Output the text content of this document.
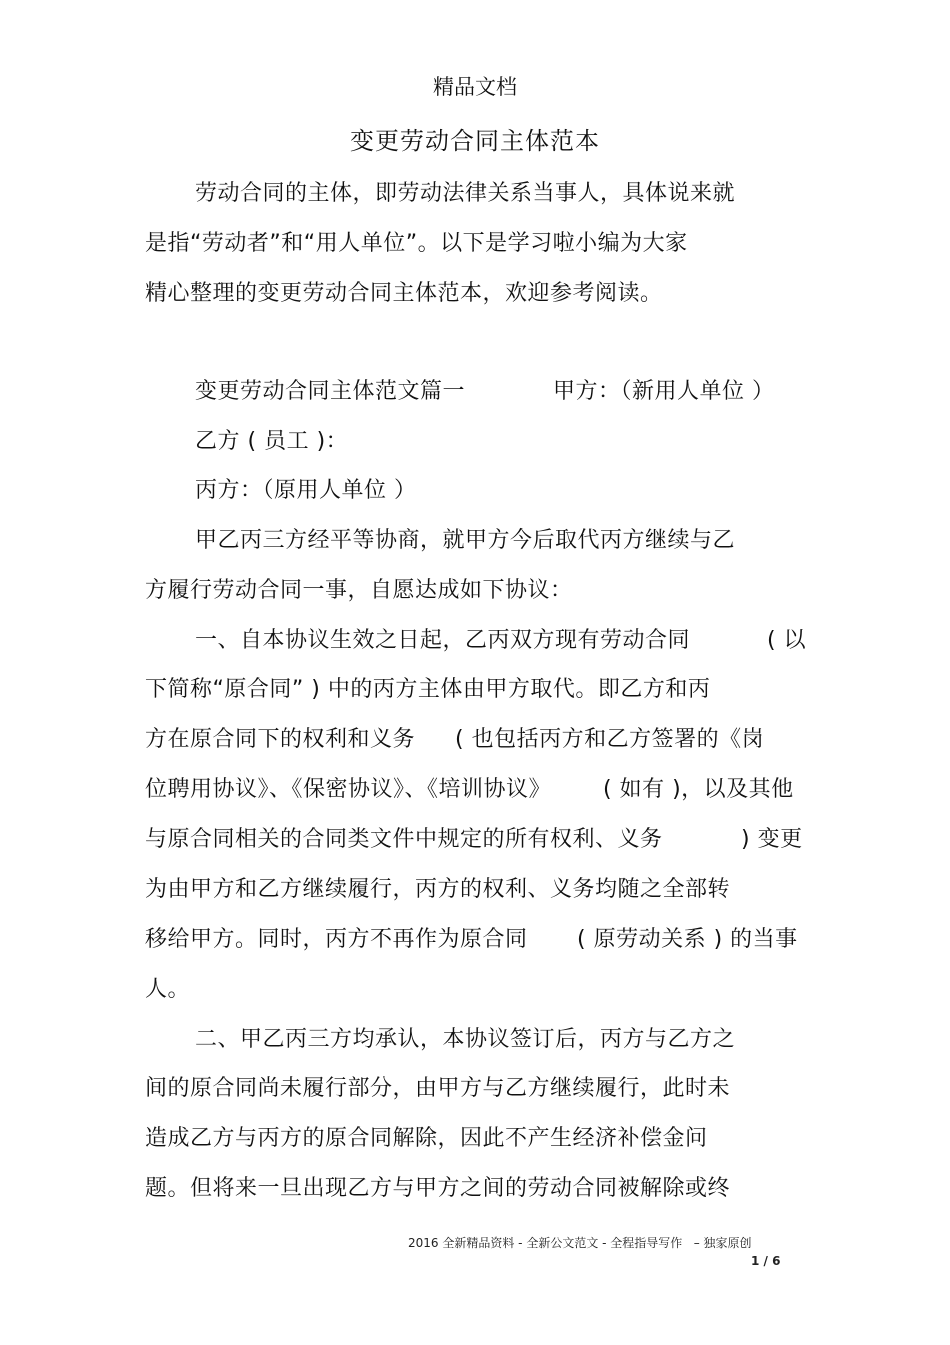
精品文档
变更劳动合同主体范本
劳动合同的主体，即劳动法律关系当事人，具体说来就
是指“劳动者”和“用人单位”。以下是学习啦小编为大家
精心整理的变更劳动合同主体范本，欢迎参考阅读。
变更劳动合同主体范文篇一	甲方：（新用人单位 ）
乙方 ( 员工 )：
丙方：（原用人单位 ）
甲乙丙三方经平等协商，就甲方今后取代丙方继续与乙
方履行劳动合同一事，自愿达成如下协议：
一、自本协议生效之日起，乙丙双方现有劳动合同	( 以
下简称“原合同” ) 中的丙方主体由甲方取代。即乙方和丙
方在原合同下的权利和义务 ( 也包括丙方和乙方签署的《岗
位聘用协议》、《保密协议》、《培训协议》 ( 如有 )，以及其他
与原合同相关的合同类文件中规定的所有权利、义务	) 变更
为由甲方和乙方继续履行，丙方的权利、义务均随之全部转
移给甲方。同时，丙方不再作为原合同 ( 原劳动关系 ) 的当事
人。
二、甲乙丙三方均承认，本协议签订后，丙方与乙方之
间的原合同尚未履行部分，由甲方与乙方继续履行，此时未
造成乙方与丙方的原合同解除，因此不产生经济补偿金问
题。但将来一旦出现乙方与甲方之间的劳动合同被解除或终
2016 全新精品资料 - 全新公文范文 - 全程指导写作   – 独家原创
1 / 6
